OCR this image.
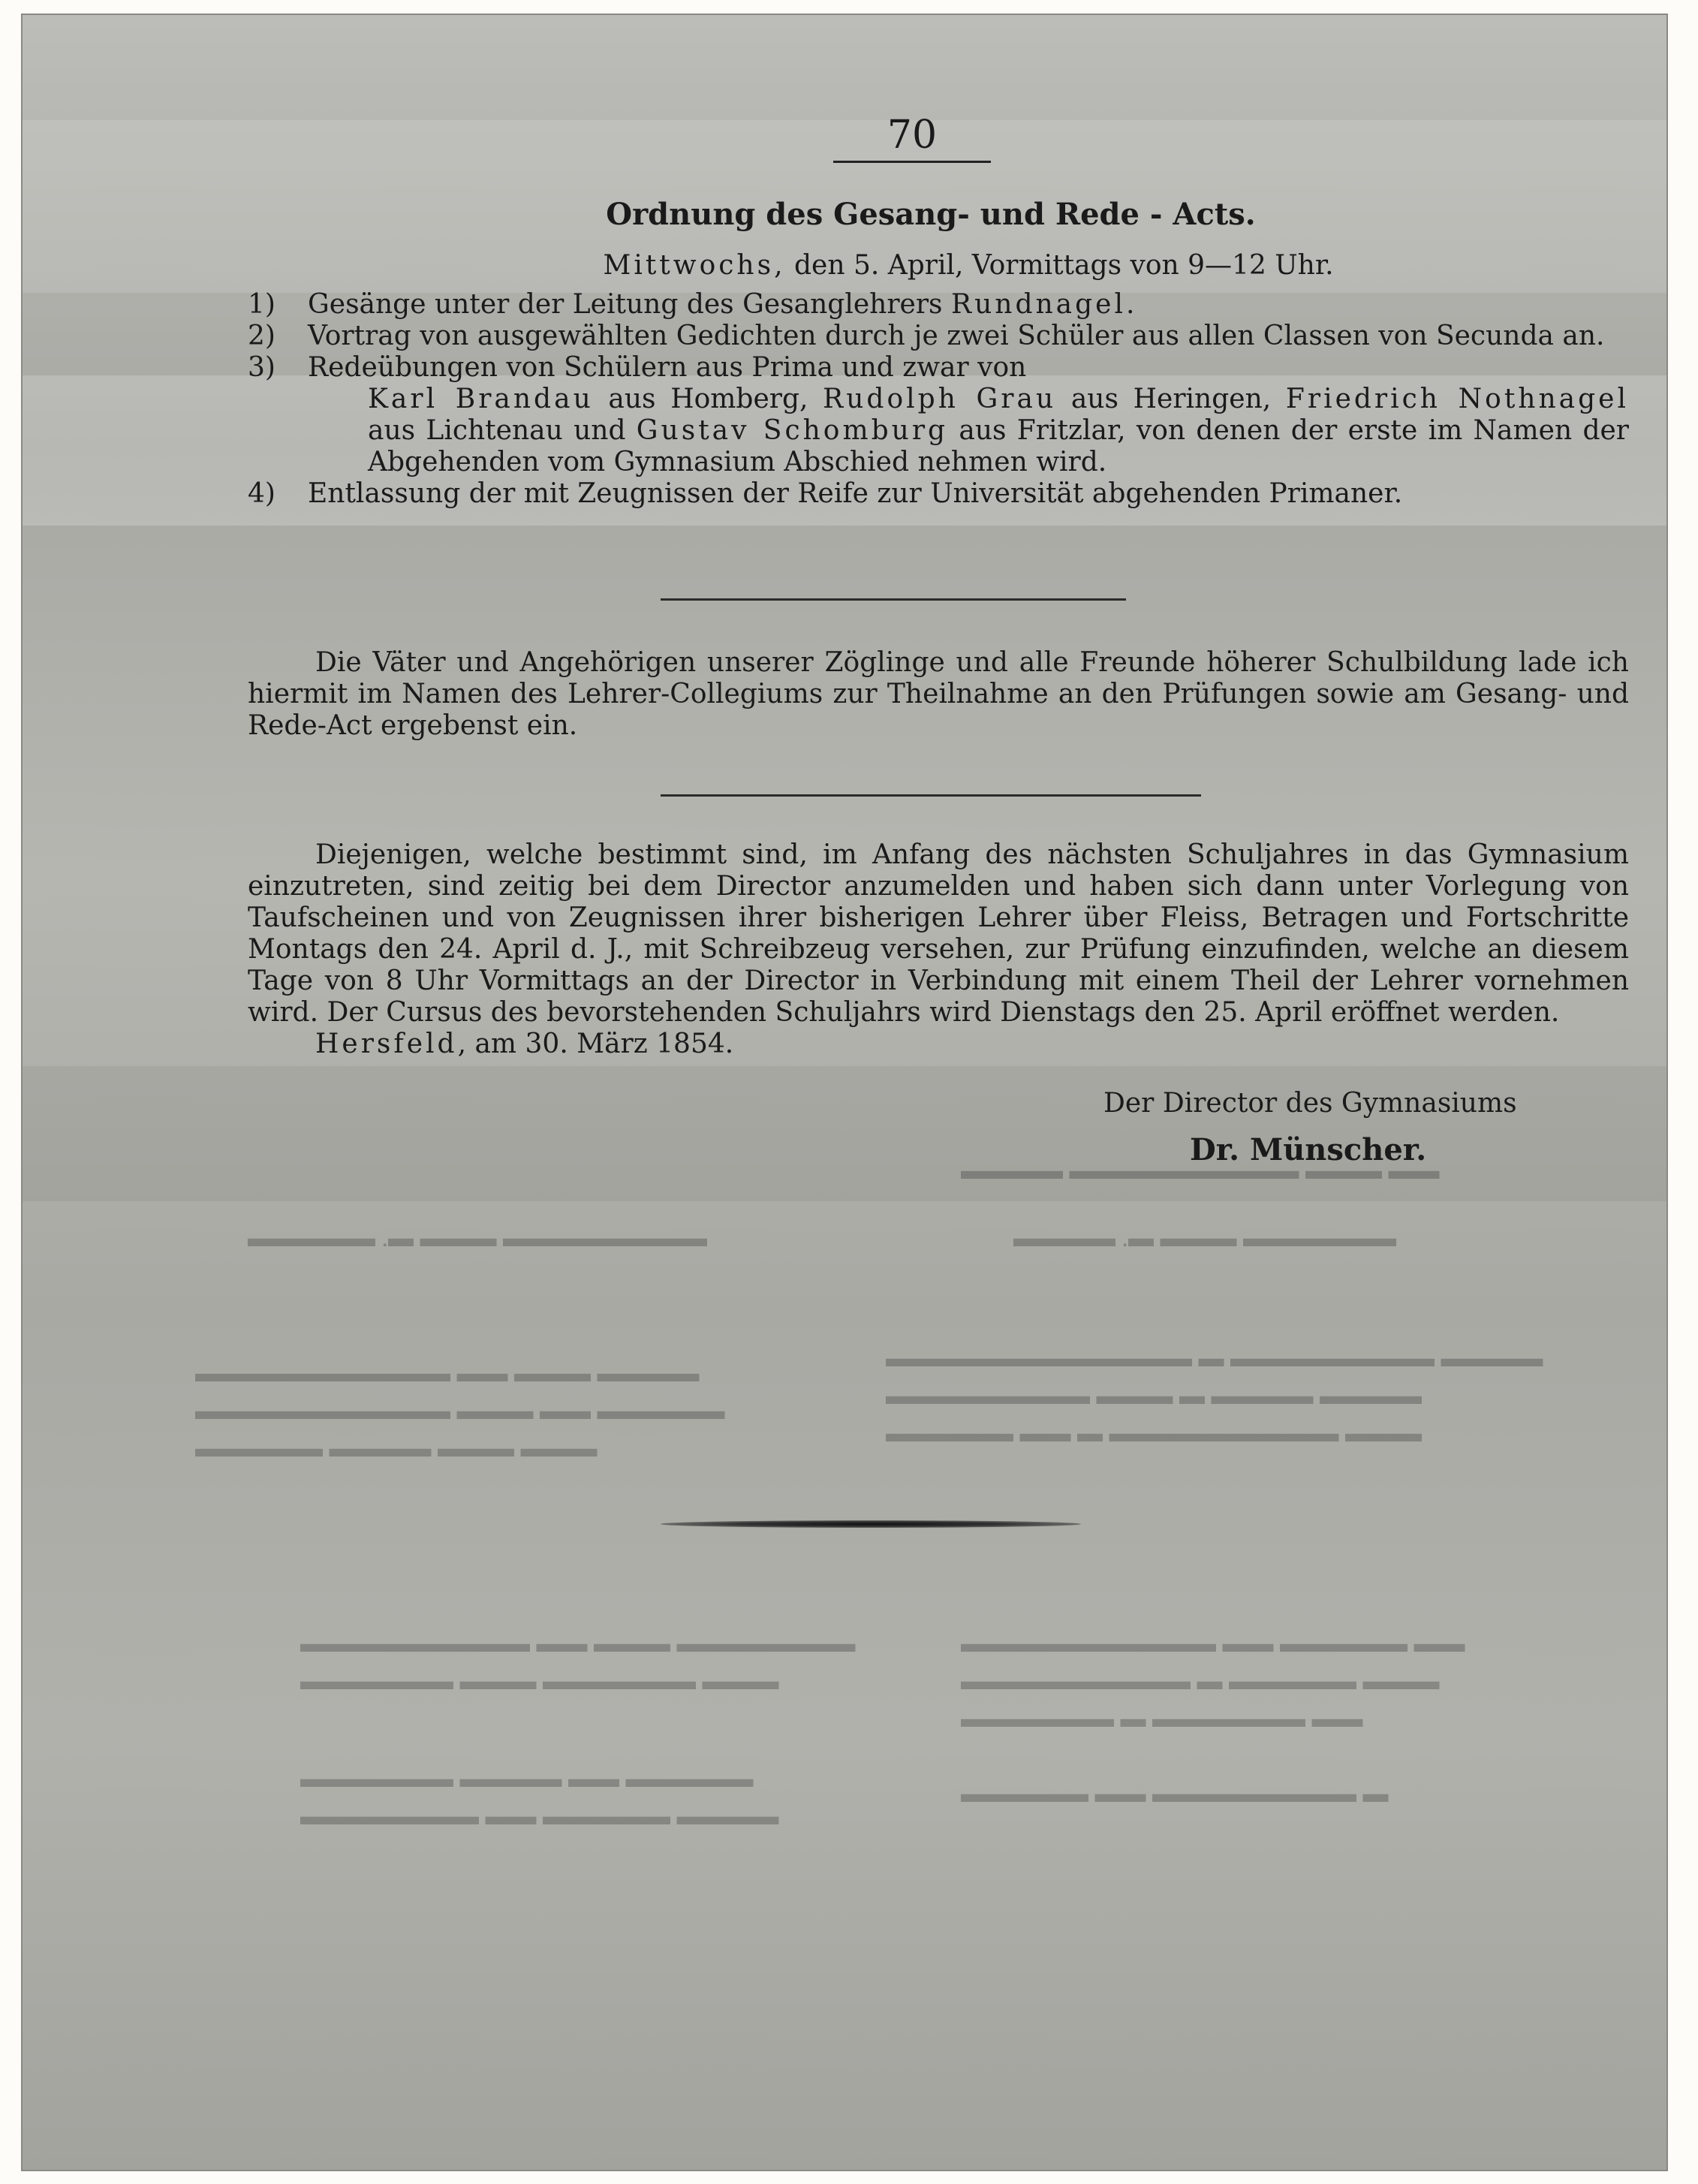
▬▬ ▬▬▬ ▬▬▬▬▬▬▬▬▬ ▬▬▬▬
▬▬▬▬▬▬ ▬▬▬ ▬. ▬▬▬▬
▬▬▬▬▬▬▬▬ ▬▬▬ ▬. ▬▬▬▬▬
▬▬▬▬ ▬▬▬▬▬▬▬▬ ▬ ▬▬▬▬▬▬▬▬▬▬▬▬
▬▬▬▬ ▬▬▬▬ ▬ ▬▬▬ ▬▬▬▬▬▬▬▬
▬▬▬ ▬▬▬▬▬▬▬▬▬ ▬ ▬▬ ▬▬▬▬▬
▬▬▬▬ ▬▬▬ ▬▬ ▬▬▬▬▬▬▬▬▬▬
▬▬▬▬▬ ▬▬ ▬▬▬ ▬▬▬▬▬▬▬▬▬▬
▬▬▬ ▬▬▬ ▬▬▬▬ ▬▬▬▬▬
▬▬ ▬▬▬▬▬ ▬▬ ▬▬▬▬▬▬▬▬▬▬
▬▬▬ ▬▬▬▬▬ ▬ ▬▬▬▬▬▬▬▬▬
▬▬ ▬▬▬▬▬▬ ▬ ▬▬▬▬▬▬
▬▬▬▬▬▬▬ ▬▬▬ ▬▬ ▬▬▬▬▬▬▬▬▬
▬▬▬ ▬▬▬▬▬▬ ▬▬▬ ▬▬▬▬▬▬
▬ ▬▬▬▬▬▬▬▬ ▬▬ ▬▬▬▬▬
▬▬▬▬▬ ▬▬ ▬▬▬▬ ▬▬▬▬▬▬
▬▬▬▬ ▬▬▬▬▬ ▬▬ ▬▬▬▬▬▬▬
70
Ordnung des Gesang- und Rede - Acts.
Mittwochs, den 5. April, Vormittags von 9—12 Uhr.
1) Gesänge unter der Leitung des Gesanglehrers Rundnagel.
2) Vortrag von ausgewählten Gedichten durch je zwei Schüler aus allen Classen von Secunda an.
3) Redeübungen von Schülern aus Prima und zwar von
Karl Brandau aus Homberg, Rudolph Grau aus Heringen, Friedrich Nothnagel aus Lichtenau und Gustav Schomburg aus Fritzlar, von denen der erste im Namen der Abgehenden vom Gymnasium Abschied nehmen wird.
4) Entlassung der mit Zeugnissen der Reife zur Universität abgehenden Primaner.

Die Väter und Angehörigen unserer Zöglinge und alle Freunde höherer Schulbildung lade ich hiermit im Namen des Lehrer-Collegiums zur Theilnahme an den Prüfungen sowie am Gesang- und Rede-Act ergebenst ein.

Diejenigen, welche bestimmt sind, im Anfang des nächsten Schuljahres in das Gymnasium einzutreten, sind zeitig bei dem Director anzumelden und haben sich dann unter Vorlegung von Taufscheinen und von Zeugnissen ihrer bisherigen Lehrer über Fleiss, Betragen und Fortschritte Montags den 24. April d. J., mit Schreibzeug versehen, zur Prüfung einzufinden, welche an diesem Tage von 8 Uhr Vormittags an der Director in Verbindung mit einem Theil der Lehrer vornehmen wird. Der Cursus des bevorstehenden Schuljahrs wird Dienstags den 25. April eröffnet werden.

Hersfeld, am 30. März 1854.

Der Director des Gymnasiums
Dr. Münscher.
